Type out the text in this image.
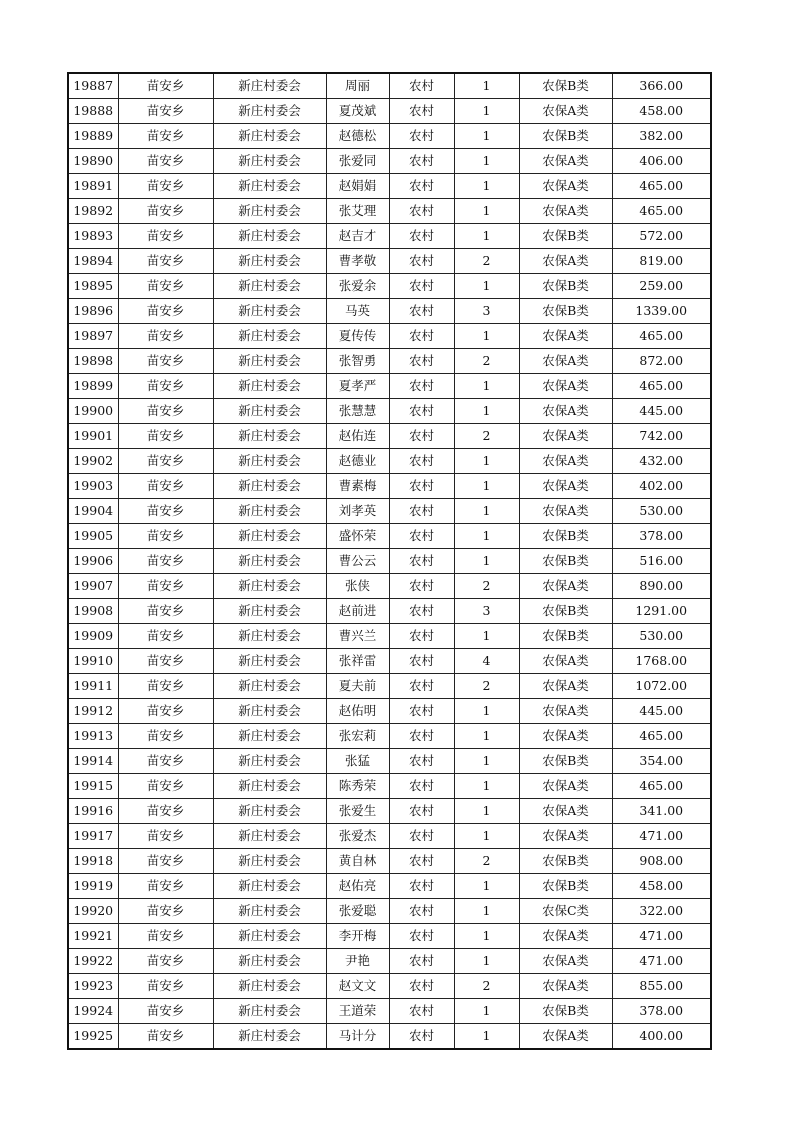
19887	苗安乡	新庄村委会	周丽	农村	1	农保B类	366.00
19888	苗安乡	新庄村委会	夏茂斌	农村	1	农保A类	458.00
19889	苗安乡	新庄村委会	赵德松	农村	1	农保B类	382.00
19890	苗安乡	新庄村委会	张爱同	农村	1	农保A类	406.00
19891	苗安乡	新庄村委会	赵娟娟	农村	1	农保A类	465.00
19892	苗安乡	新庄村委会	张艾理	农村	1	农保A类	465.00
19893	苗安乡	新庄村委会	赵吉才	农村	1	农保B类	572.00
19894	苗安乡	新庄村委会	曹孝敬	农村	2	农保A类	819.00
19895	苗安乡	新庄村委会	张爱余	农村	1	农保B类	259.00
19896	苗安乡	新庄村委会	马英	农村	3	农保B类	1339.00
19897	苗安乡	新庄村委会	夏传传	农村	1	农保A类	465.00
19898	苗安乡	新庄村委会	张智勇	农村	2	农保A类	872.00
19899	苗安乡	新庄村委会	夏孝严	农村	1	农保A类	465.00
19900	苗安乡	新庄村委会	张慧慧	农村	1	农保A类	445.00
19901	苗安乡	新庄村委会	赵佑连	农村	2	农保A类	742.00
19902	苗安乡	新庄村委会	赵德业	农村	1	农保A类	432.00
19903	苗安乡	新庄村委会	曹素梅	农村	1	农保A类	402.00
19904	苗安乡	新庄村委会	刘孝英	农村	1	农保A类	530.00
19905	苗安乡	新庄村委会	盛怀荣	农村	1	农保B类	378.00
19906	苗安乡	新庄村委会	曹公云	农村	1	农保B类	516.00
19907	苗安乡	新庄村委会	张侠	农村	2	农保A类	890.00
19908	苗安乡	新庄村委会	赵前进	农村	3	农保B类	1291.00
19909	苗安乡	新庄村委会	曹兴兰	农村	1	农保B类	530.00
19910	苗安乡	新庄村委会	张祥雷	农村	4	农保A类	1768.00
19911	苗安乡	新庄村委会	夏夫前	农村	2	农保A类	1072.00
19912	苗安乡	新庄村委会	赵佑明	农村	1	农保A类	445.00
19913	苗安乡	新庄村委会	张宏莉	农村	1	农保A类	465.00
19914	苗安乡	新庄村委会	张猛	农村	1	农保B类	354.00
19915	苗安乡	新庄村委会	陈秀荣	农村	1	农保A类	465.00
19916	苗安乡	新庄村委会	张爱生	农村	1	农保A类	341.00
19917	苗安乡	新庄村委会	张爱杰	农村	1	农保A类	471.00
19918	苗安乡	新庄村委会	黄自林	农村	2	农保B类	908.00
19919	苗安乡	新庄村委会	赵佑亮	农村	1	农保B类	458.00
19920	苗安乡	新庄村委会	张爱聪	农村	1	农保C类	322.00
19921	苗安乡	新庄村委会	李开梅	农村	1	农保A类	471.00
19922	苗安乡	新庄村委会	尹艳	农村	1	农保A类	471.00
19923	苗安乡	新庄村委会	赵文文	农村	2	农保A类	855.00
19924	苗安乡	新庄村委会	王道荣	农村	1	农保B类	378.00
19925	苗安乡	新庄村委会	马计分	农村	1	农保A类	400.00
